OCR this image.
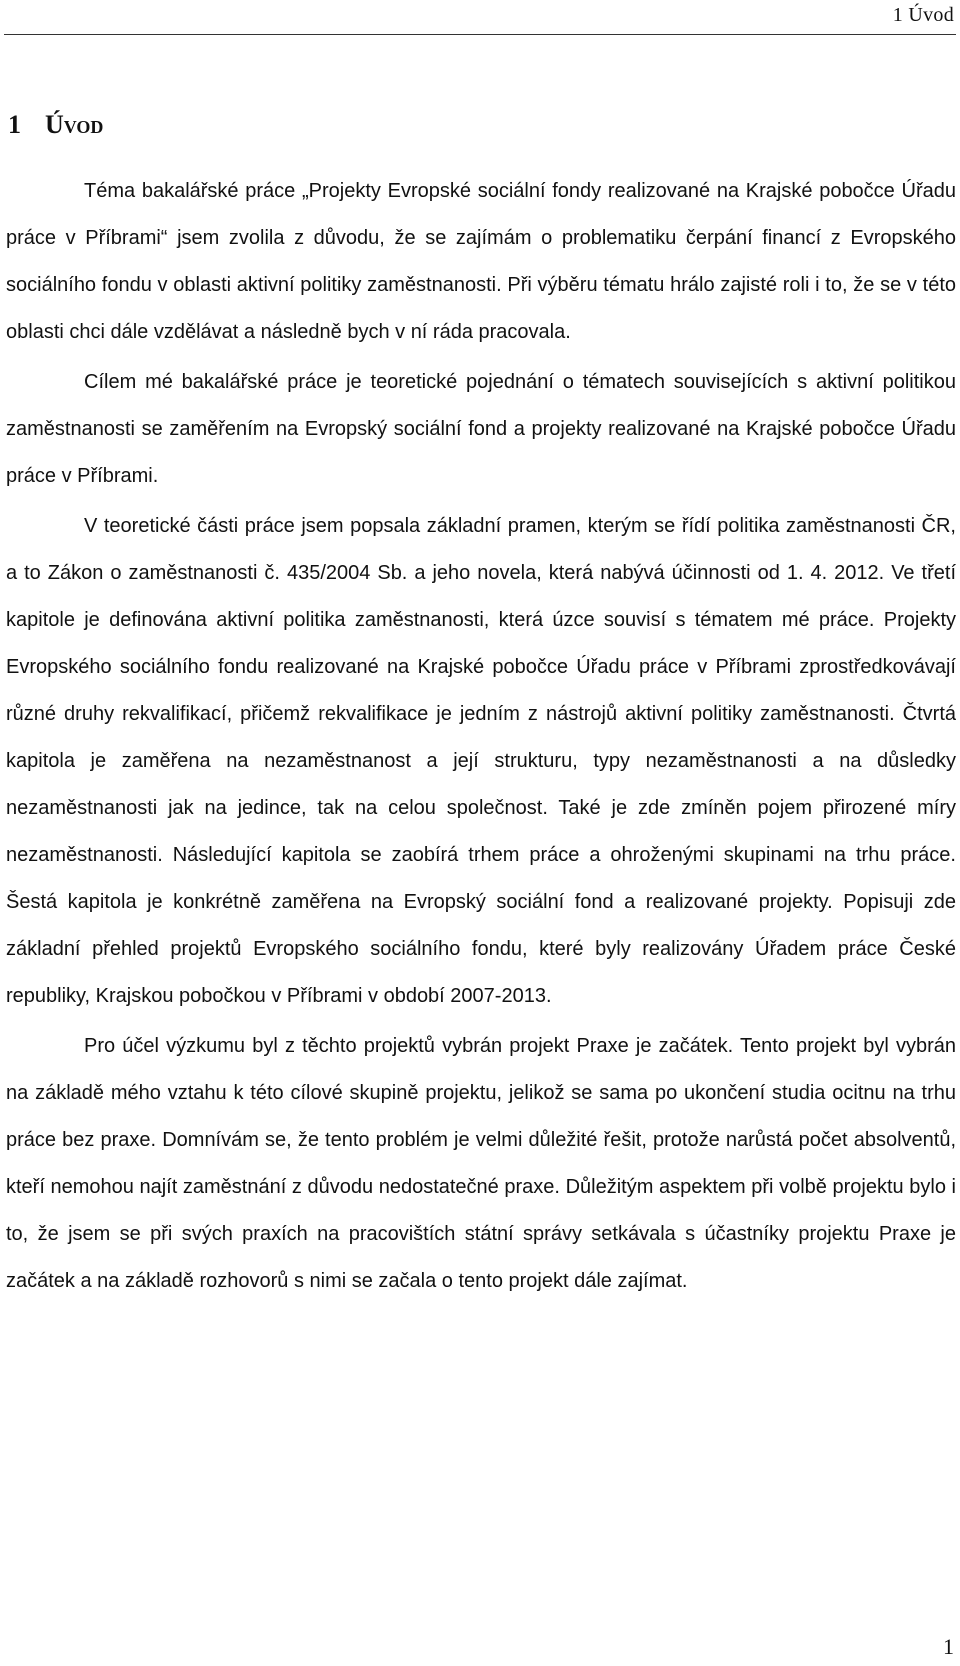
1 Úvod
1 Úvod

Téma bakalářské práce „Projekty Evropské sociální fondy realizované na Krajské pobočce Úřadu práce v Příbrami“ jsem zvolila z důvodu, že se zajímám o problematiku čerpání financí z Evropského sociálního fondu v oblasti aktivní politiky zaměstnanosti. Při výběru tématu hrálo zajisté roli i to, že se v této oblasti chci dále vzdělávat a následně bych v ní ráda pracovala.

Cílem mé bakalářské práce je teoretické pojednání o tématech souvisejících s aktivní politikou zaměstnanosti se zaměřením na Evropský sociální fond a projekty realizované na Krajské pobočce Úřadu práce v Příbrami.

V teoretické části práce jsem popsala základní pramen, kterým se řídí politika zaměstnanosti ČR, a to Zákon o zaměstnanosti č. 435/2004 Sb. a jeho novela, která nabývá účinnosti od 1. 4. 2012. Ve třetí kapitole je definována aktivní politika zaměstnanosti, která úzce souvisí s tématem mé práce. Projekty Evropského sociálního fondu realizované na Krajské pobočce Úřadu práce v Příbrami zprostředkovávají různé druhy rekvalifikací, přičemž rekvalifikace je jedním z nástrojů aktivní politiky zaměstnanosti. Čtvrtá kapitola je zaměřena na nezaměstnanost a její strukturu, typy nezaměstnanosti a na důsledky nezaměstnanosti jak na jedince, tak na celou společnost. Také je zde zmíněn pojem přirozené míry nezaměstnanosti. Následující kapitola se zaobírá trhem práce a ohroženými skupinami na trhu práce. Šestá kapitola je konkrétně zaměřena na Evropský sociální fond a realizované projekty. Popisuji zde základní přehled projektů Evropského sociálního fondu, které byly realizovány Úřadem práce České republiky, Krajskou pobočkou v Příbrami v období 2007-2013.

Pro účel výzkumu byl z těchto projektů vybrán projekt Praxe je začátek. Tento projekt byl vybrán na základě mého vztahu k této cílové skupině projektu, jelikož se sama po ukončení studia ocitnu na trhu práce bez praxe. Domnívám se, že tento problém je velmi důležité řešit, protože narůstá počet absolventů, kteří nemohou najít zaměstnání z důvodu nedostatečné praxe. Důležitým aspektem při volbě projektu bylo i to, že jsem se při svých praxích na pracovištích státní správy setkávala s účastníky projektu Praxe je začátek a na základě rozhovorů s nimi se začala o tento projekt dále zajímat.

1
